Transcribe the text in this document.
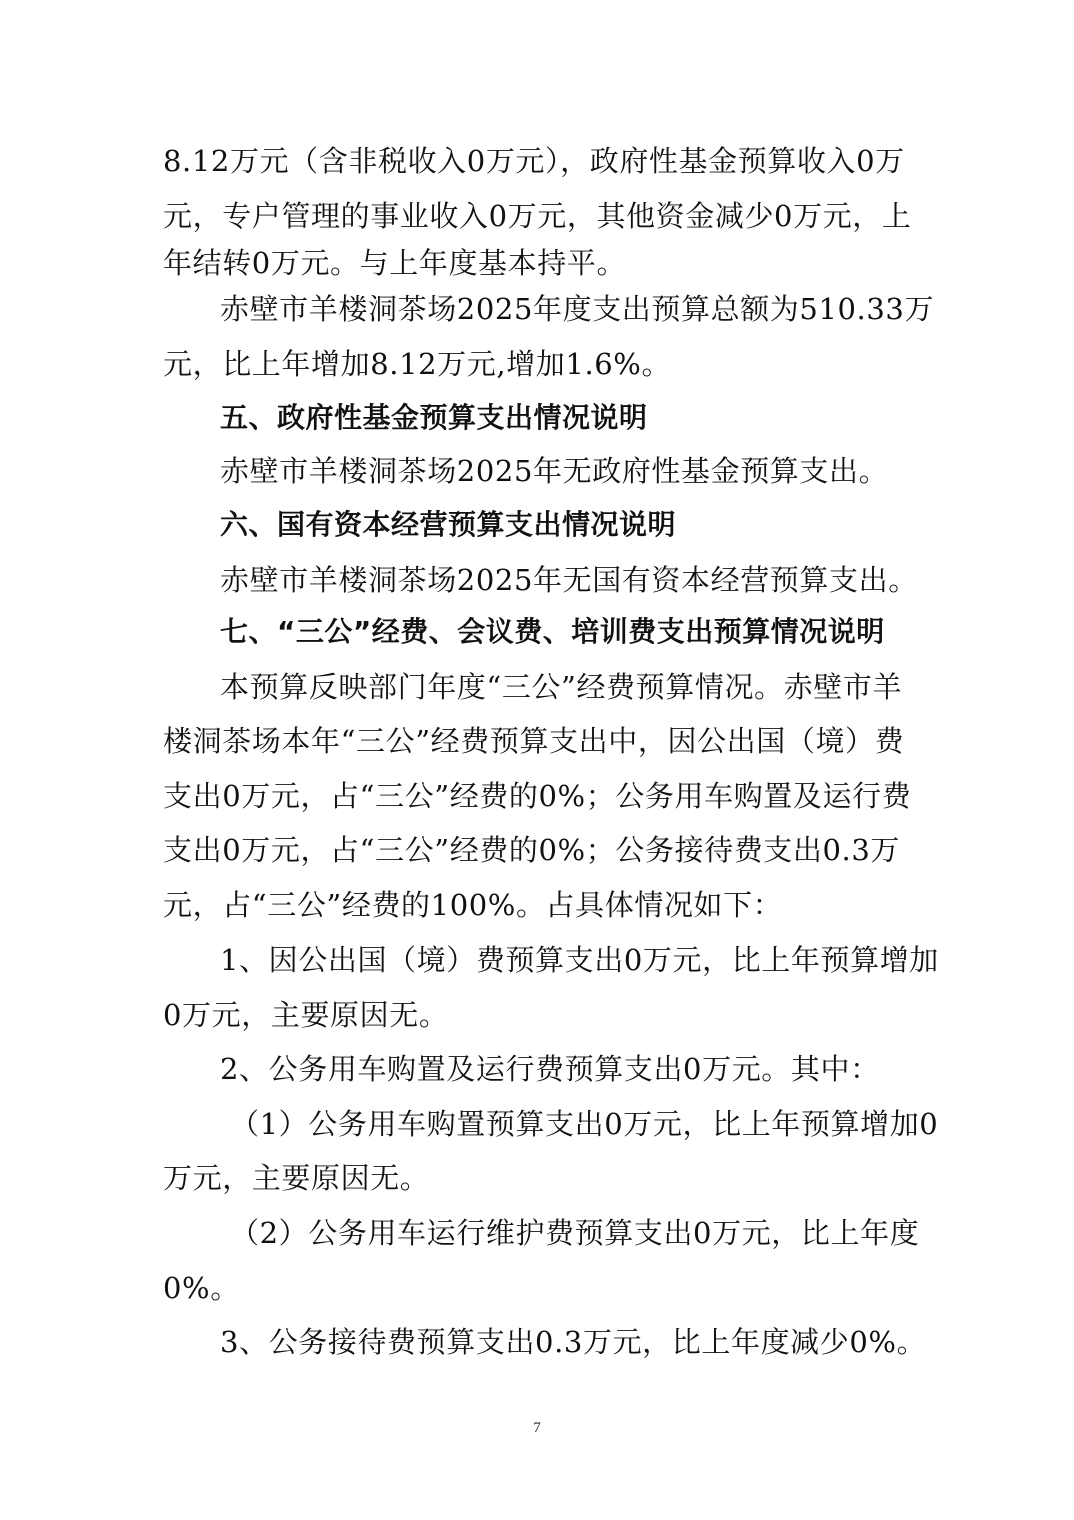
8.12万元（含非税收入0万元），政府性基金预算收入0万
元，专户管理的事业收入0万元，其他资金减少0万元，上
年结转0万元。与上年度基本持平。
赤壁市羊楼洞茶场2025年度支出预算总额为510.33万
元，比上年增加8.12万元,增加1.6%。
五、政府性基金预算支出情况说明
赤壁市羊楼洞茶场2025年无政府性基金预算支出。
六、国有资本经营预算支出情况说明
赤壁市羊楼洞茶场2025年无国有资本经营预算支出。
七、“三公”经费、会议费、培训费支出预算情况说明
本预算反映部门年度“三公”经费预算情况。赤壁市羊
楼洞茶场本年“三公”经费预算支出中，因公出国（境）费
支出0万元，占“三公”经费的0%；公务用车购置及运行费
支出0万元，占“三公”经费的0%；公务接待费支出0.3万
元，占“三公”经费的100%。占具体情况如下：
1、因公出国（境）费预算支出0万元，比上年预算增加
0万元，主要原因无。
2、公务用车购置及运行费预算支出0万元。其中：
（1）公务用车购置预算支出0万元，比上年预算增加0
万元，主要原因无。
（2）公务用车运行维护费预算支出0万元，比上年度
0%。
3、公务接待费预算支出0.3万元，比上年度减少0%。
7
